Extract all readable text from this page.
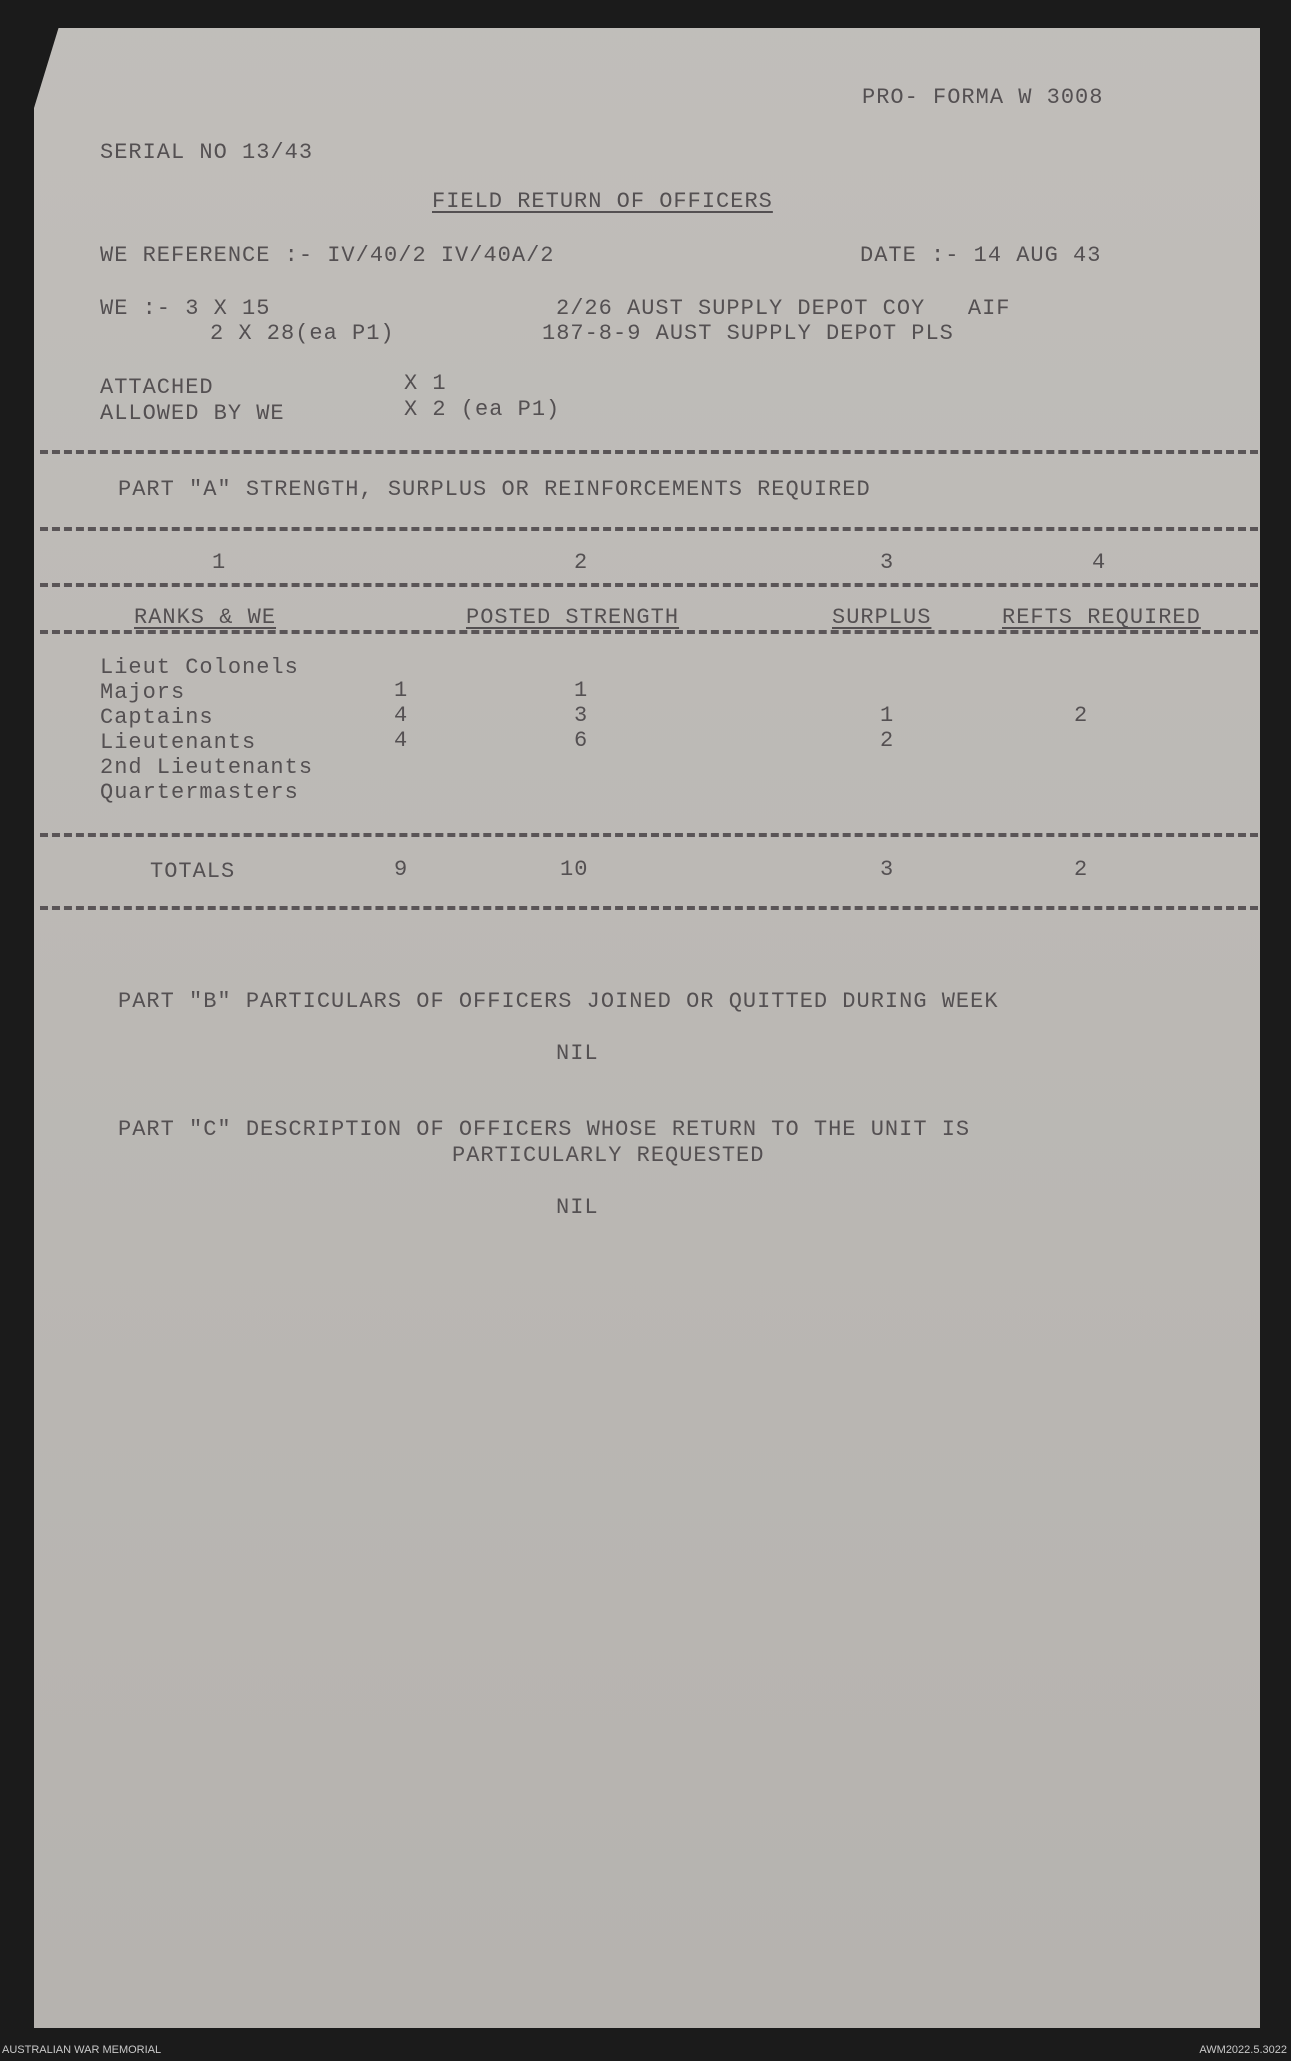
PRO- FORMA W 3008
SERIAL NO 13/43
FIELD RETURN OF OFFICERS
WE REFERENCE :- IV/40/2 IV/40A/2	DATE :- 14 AUG 43
WE :- 3 X 15	2/26 AUST SUPPLY DEPOT COY   AIF
2 X 28(ea P1)	187-8-9 AUST SUPPLY DEPOT PLS
ATTACHED	X 1
ALLOWED BY WE	X 2 (ea P1)
PART "A" STRENGTH, SURPLUS OR REINFORCEMENTS REQUIRED
1	2	3	4
RANKS & WE	POSTED STRENGTH	SURPLUS	REFTS REQUIRED
Lieut Colonels
Majors	1	1
Captains	4	3	1	2
Lieutenants	4	6	2
2nd Lieutenants
Quartermasters
TOTALS	9	10	3	2
PART "B" PARTICULARS OF OFFICERS JOINED OR QUITTED DURING WEEK
NIL
PART "C" DESCRIPTION OF OFFICERS WHOSE RETURN TO THE UNIT IS
PARTICULARLY REQUESTED
NIL
AUSTRALIAN WAR MEMORIAL	AWM2022.5.3022
